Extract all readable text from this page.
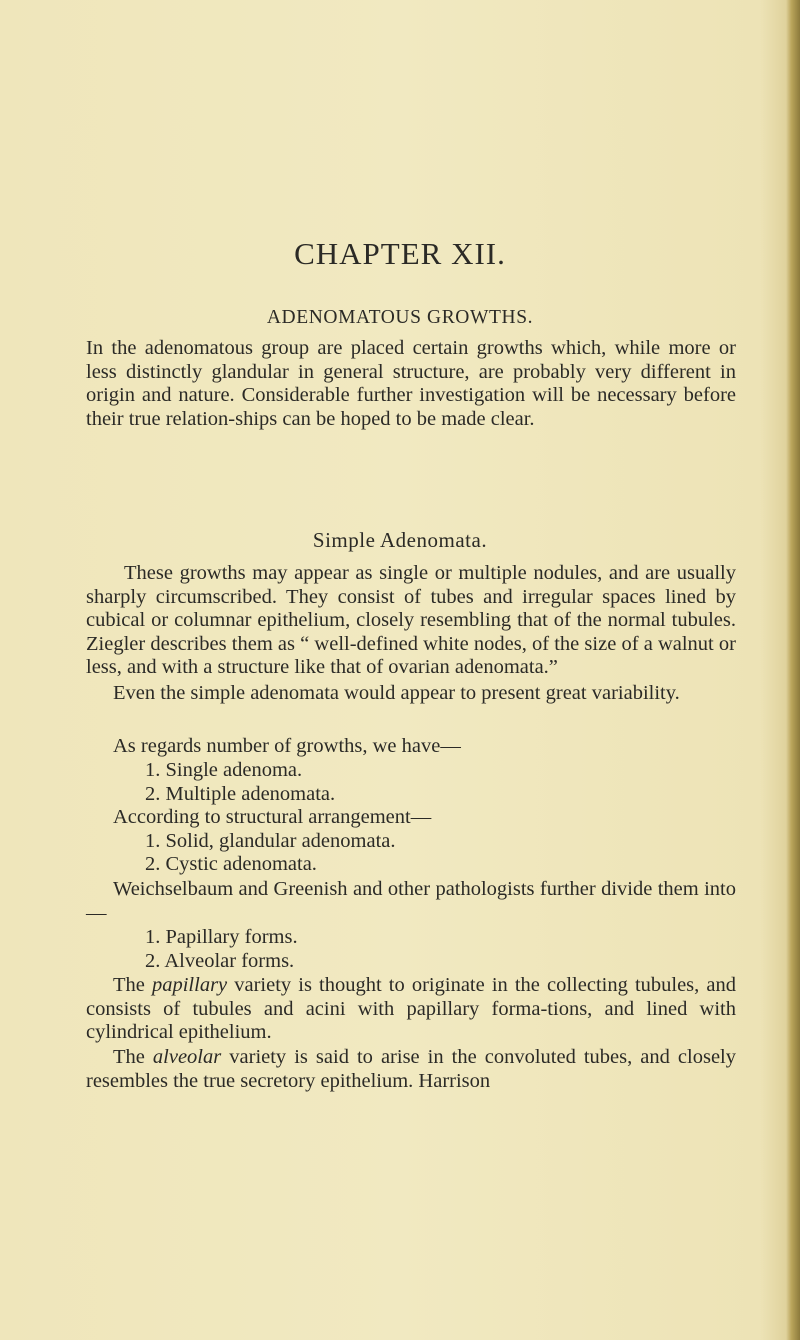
CHAPTER XII.
ADENOMATOUS GROWTHS.
In the adenomatous group are placed certain growths which, while more or less distinctly glandular in general structure, are probably very different in origin and nature. Considerable further investigation will be necessary before their true relation-ships can be hoped to be made clear.
Simple Adenomata.
These growths may appear as single or multiple nodules, and are usually sharply circumscribed. They consist of tubes and irregular spaces lined by cubical or columnar epithelium, closely resembling that of the normal tubules. Ziegler describes them as “ well-defined white nodes, of the size of a walnut or less, and with a structure like that of ovarian adenomata.”
Even the simple adenomata would appear to present great variability.
As regards number of growths, we have—
1. Single adenoma.
2. Multiple adenomata.
According to structural arrangement—
1. Solid, glandular adenomata.
2. Cystic adenomata.
Weichselbaum and Greenish and other pathologists further divide them into—
1. Papillary forms.
2. Alveolar forms.
The papillary variety is thought to originate in the collecting tubules, and consists of tubules and acini with papillary forma-tions, and lined with cylindrical epithelium.
The alveolar variety is said to arise in the convoluted tubes, and closely resembles the true secretory epithelium. Harrison
